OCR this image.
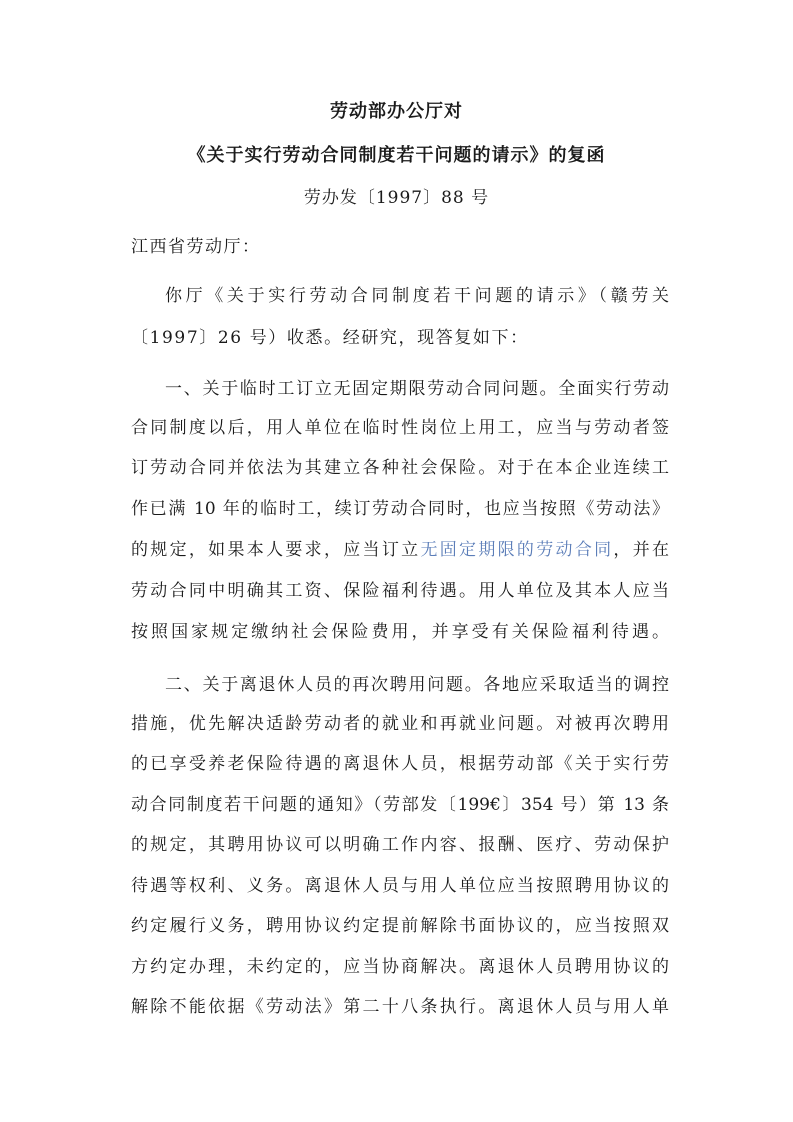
劳动部办公厅对
《关于实行劳动合同制度若干问题的请示》的复函
劳办发〔1997〕88 号
江西省劳动厅：
你厅《关于实行劳动合同制度若干问题的请示》（赣劳关
〔1997〕26 号）收悉。经研究，现答复如下：
一、关于临时工订立无固定期限劳动合同问题。全面实行劳动
合同制度以后，用人单位在临时性岗位上用工，应当与劳动者签
订劳动合同并依法为其建立各种社会保险。对于在本企业连续工
作已满 10 年的临时工，续订劳动合同时，也应当按照《劳动法》
的规定，如果本人要求，应当订立无固定期限的劳动合同，并在
劳动合同中明确其工资、保险福利待遇。用人单位及其本人应当
按照国家规定缴纳社会保险费用，并享受有关保险福利待遇。
二、关于离退休人员的再次聘用问题。各地应采取适当的调控
措施，优先解决适龄劳动者的就业和再就业问题。对被再次聘用
的已享受养老保险待遇的离退休人员，根据劳动部《关于实行劳
动合同制度若干问题的通知》（劳部发〔199€〕354 号）第 13 条
的规定，其聘用协议可以明确工作内容、报酬、医疗、劳动保护
待遇等权利、义务。离退休人员与用人单位应当按照聘用协议的
约定履行义务，聘用协议约定提前解除书面协议的，应当按照双
方约定办理，未约定的，应当协商解决。离退休人员聘用协议的
解除不能依据《劳动法》第二十八条执行。离退休人员与用人单
